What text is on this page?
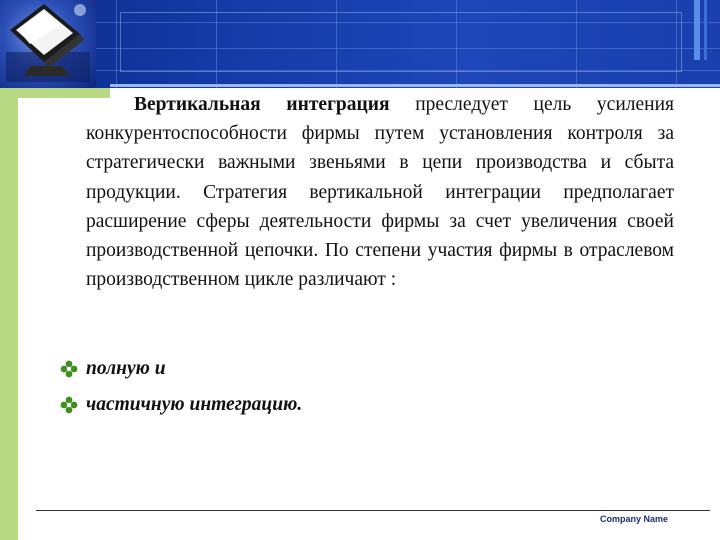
Вертикальная интеграция преследует цель усиления конкурентоспособности фирмы путем установления контроля за стратегически важными звеньями в цепи производства и сбыта продукции. Стратегия вертикальной интеграции предполагает расширение сферы деятельности фирмы за счет увеличения своей производственной цепочки. По степени участия фирмы в отраслевом производственном цикле различают :

полную и
частичную интеграцию.
Company Name
